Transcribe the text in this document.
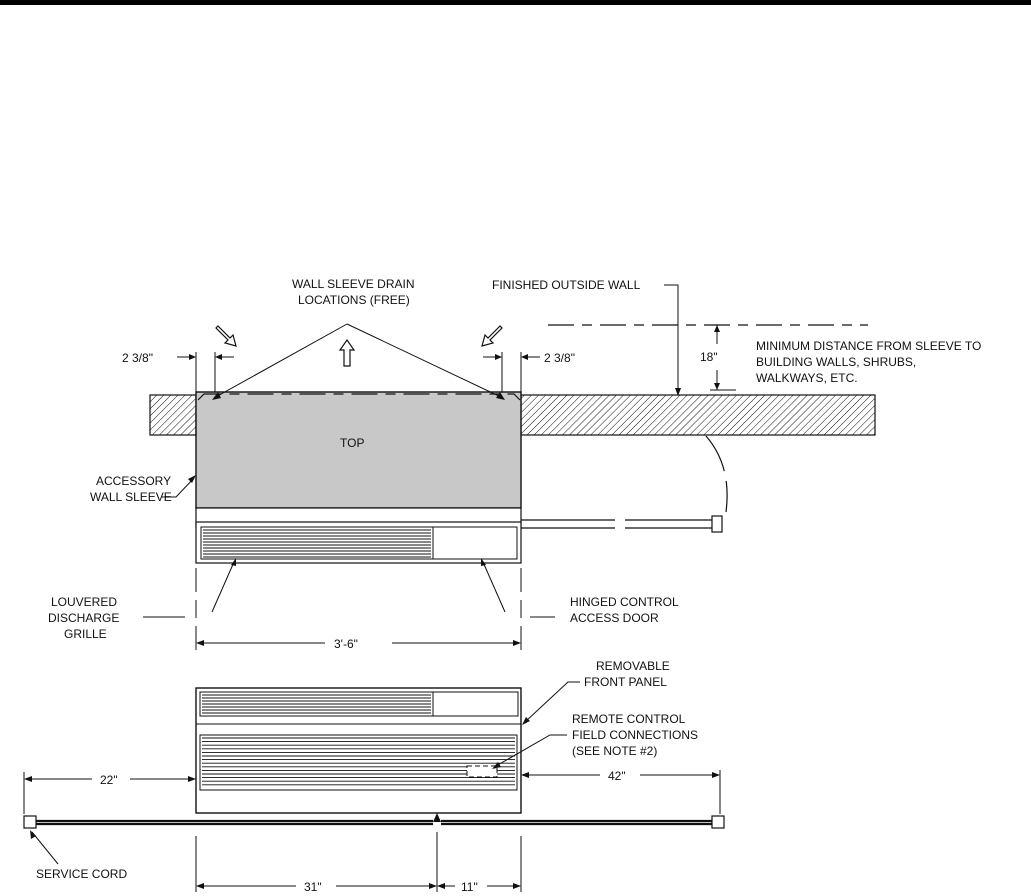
TOP
WALL SLEEVE DRAIN
LOCATIONS (FREE)
2 3/8"	2 3/8"
FINISHED OUTSIDE WALL
18"
MINIMUM DISTANCE FROM SLEEVE TO
BUILDING WALLS, SHRUBS,
WALKWAYS, ETC.
ACCESSORY
WALL SLEEVE
LOUVERED
DISCHARGE
GRILLE
HINGED CONTROL
ACCESS DOOR
3'-6"
REMOVABLE
FRONT PANEL
REMOTE CONTROL
FIELD CONNECTIONS
(SEE NOTE #2)
22"	42"
SERVICE CORD
31"	11"
